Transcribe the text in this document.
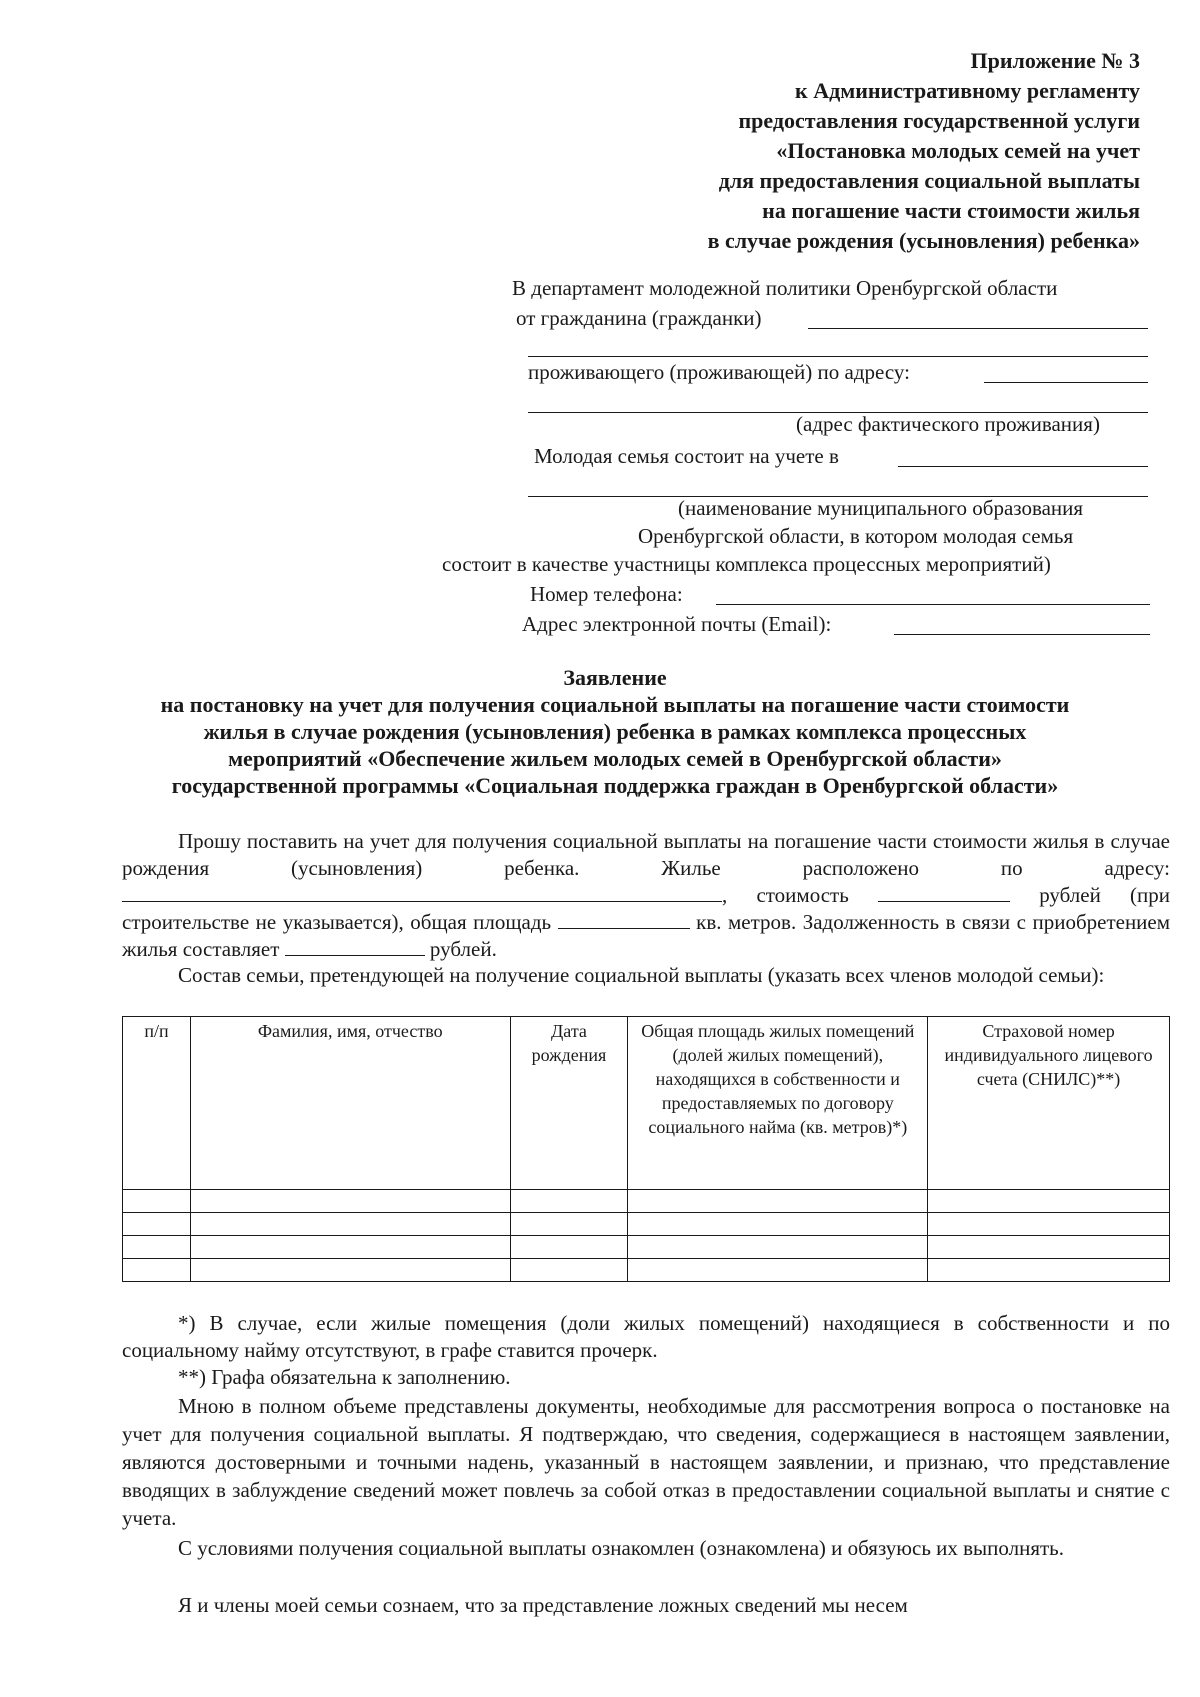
Приложение № 3
к Административному регламенту
предоставления государственной услуги
«Постановка молодых семей на учет
для предоставления социальной выплаты
на погашение части стоимости жилья
в случае рождения (усыновления) ребенка»
В департамент молодежной политики Оренбургской области
от гражданина (гражданки)
проживающего (проживающей) по адресу:
(адрес фактического проживания)
Молодая семья состоит на учете в
(наименование муниципального образования
Оренбургской области, в котором молодая семья
состоит в качестве участницы комплекса процессных мероприятий)
Номер телефона:
Адрес электронной почты (Email):
Заявление
на постановку на учет для получения социальной выплаты на погашение части стоимости
жилья в случае рождения (усыновления) ребенка в рамках комплекса процессных
мероприятий «Обеспечение жильем молодых семей в Оренбургской области»
государственной программы «Социальная поддержка граждан в Оренбургской области»
Прошу поставить на учет для получения социальной выплаты на погашение части стоимости жилья в случае рождения (усыновления) ребенка. Жилье расположено по адресу: , стоимость	рублей (при строительстве не указывается), общая площадь	кв. метров. Задолженность в связи с приобретением жилья составляет	рублей.
Состав семьи, претендующей на получение социальной выплаты (указать всех членов молодой семьи):
п/п	Фамилия, имя, отчество	Дата рождения	Общая площадь жилых помещений (долей жилых помещений), находящихся в собственности и предоставляемых по договору социального найма (кв. метров)*)	Страховой номер индивидуального лицевого счета (СНИЛС)**)

*) В случае, если жилые помещения (доли жилых помещений) находящиеся в собственности и по социальному найму отсутствуют, в графе ставится прочерк.
**) Графа обязательна к заполнению.
Мною в полном объеме представлены документы, необходимые для рассмотрения вопроса о постановке на учет для получения социальной выплаты. Я подтверждаю, что сведения, содержащиеся в настоящем заявлении, являются достоверными и точными надень, указанный в настоящем заявлении, и признаю, что представление вводящих в заблуждение сведений может повлечь за собой отказ в предоставлении социальной выплаты и снятие с учета.
С условиями получения социальной выплаты ознакомлен (ознакомлена) и обязуюсь их выполнять.
Я и члены моей семьи сознаем, что за представление ложных сведений мы несем
